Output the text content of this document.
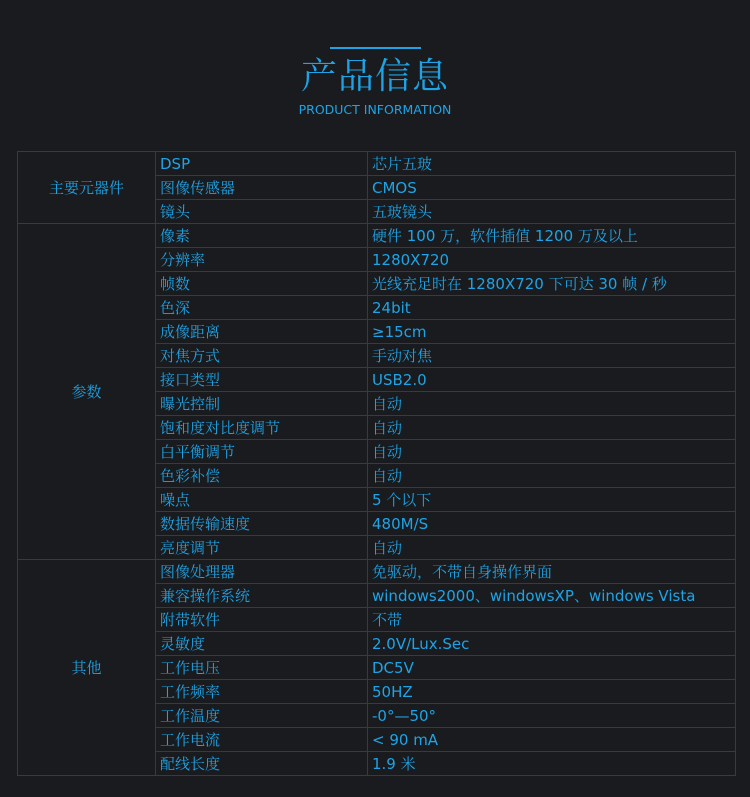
产品信息
PRODUCT INFORMATION
主要元器件	DSP	芯片五玻
	图像传感器	CMOS
	镜头	五玻镜头
参数	像素	硬件 100 万，软件插值 1200 万及以上
	分辨率	1280X720
	帧数	光线充足时在 1280X720 下可达 30 帧 / 秒
	色深	24bit
	成像距离	≥15cm
	对焦方式	手动对焦
	接口类型	USB2.0
	曝光控制	自动
	饱和度对比度调节	自动
	白平衡调节	自动
	色彩补偿	自动
	噪点	5 个以下
	数据传输速度	480M/S
	亮度调节	自动
其他	图像处理器	免驱动，不带自身操作界面
	兼容操作系统	windows2000、windowsXP、windows Vista
	附带软件	不带
	灵敏度	2.0V/Lux.Sec
	工作电压	DC5V
	工作频率	50HZ
	工作温度	-0°—50°
	工作电流	< 90 mA
	配线长度	1.9 米
